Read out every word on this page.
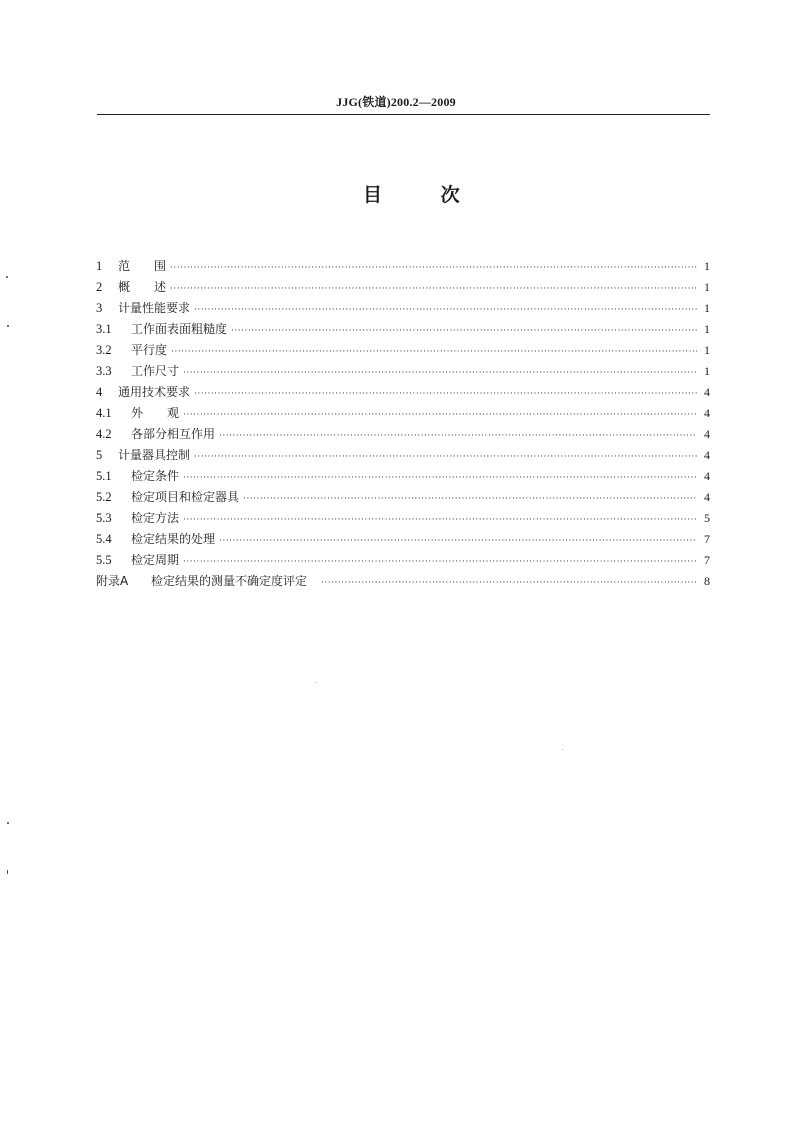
JJG(铁道)200.2—2009
目 次
1	范　　围 ·····	1
2	概　　述 ·····	1
3	计量性能要求 ·····	1
3.1	工作面表面粗糙度 ·····	1
3.2	平行度 ·····	1
3.3	工作尺寸 ·····	1
4	通用技术要求 ·····	4
4.1	外　　观 ·····	4
4.2	各部分相互作用 ·····	4
5	计量器具控制 ·····	4
5.1	检定条件 ·····	4
5.2	检定项目和检定器具 ·····	4
5.3	检定方法 ·····	5
5.4	检定结果的处理 ·····	7
5.5	检定周期 ·····	7
附录A	检定结果的测量不确定度评定 ·····	8
